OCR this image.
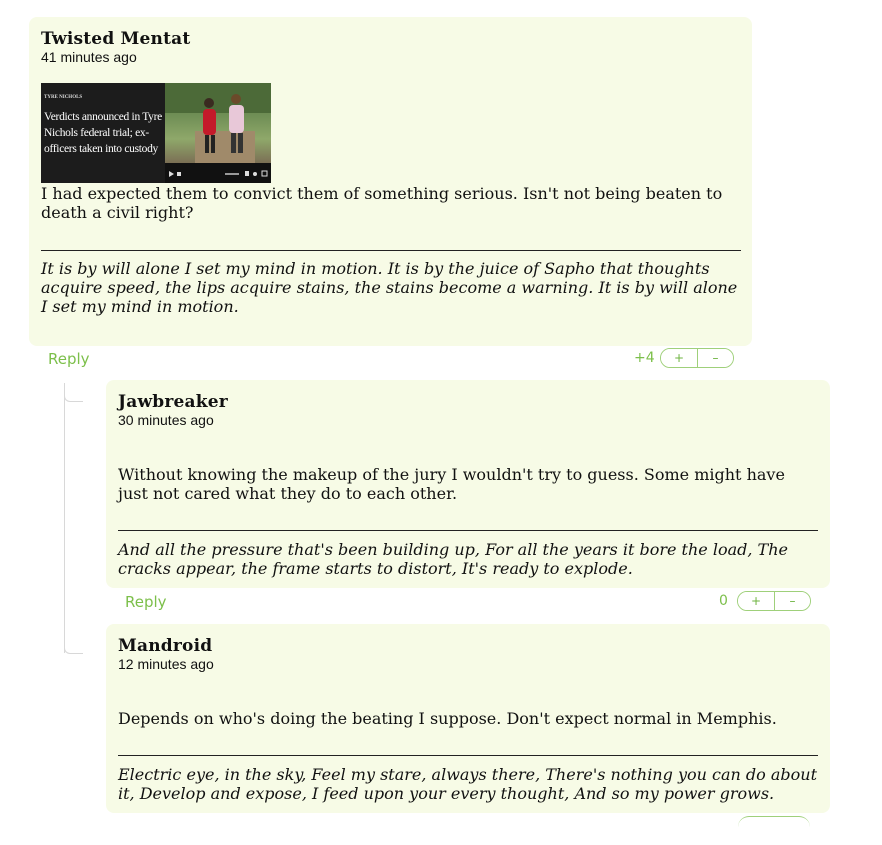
Twisted Mentat
41 minutes ago
I had expected them to convict them of something serious. Isn't not being beaten to death a civil right?
It is by will alone I set my mind in motion. It is by the juice of Sapho that thoughts acquire speed, the lips acquire stains, the stains become a warning. It is by will alone I set my mind in motion.
TYRE NICHOLS
Verdicts announced in Tyre Nichols federal trial; ex-officers taken into custody
Reply	+4	+	–
Jawbreaker
30 minutes ago
Without knowing the makeup of the jury I wouldn't try to guess. Some might have just not cared what they do to each other.
And all the pressure that's been building up, For all the years it bore the load, The cracks appear, the frame starts to distort, It's ready to explode.
Reply	0	+	–
Mandroid
12 minutes ago
Depends on who's doing the beating I suppose. Don't expect normal in Memphis.
Electric eye, in the sky, Feel my stare, always there, There's nothing you can do about it, Develop and expose, I feed upon your every thought, And so my power grows.
